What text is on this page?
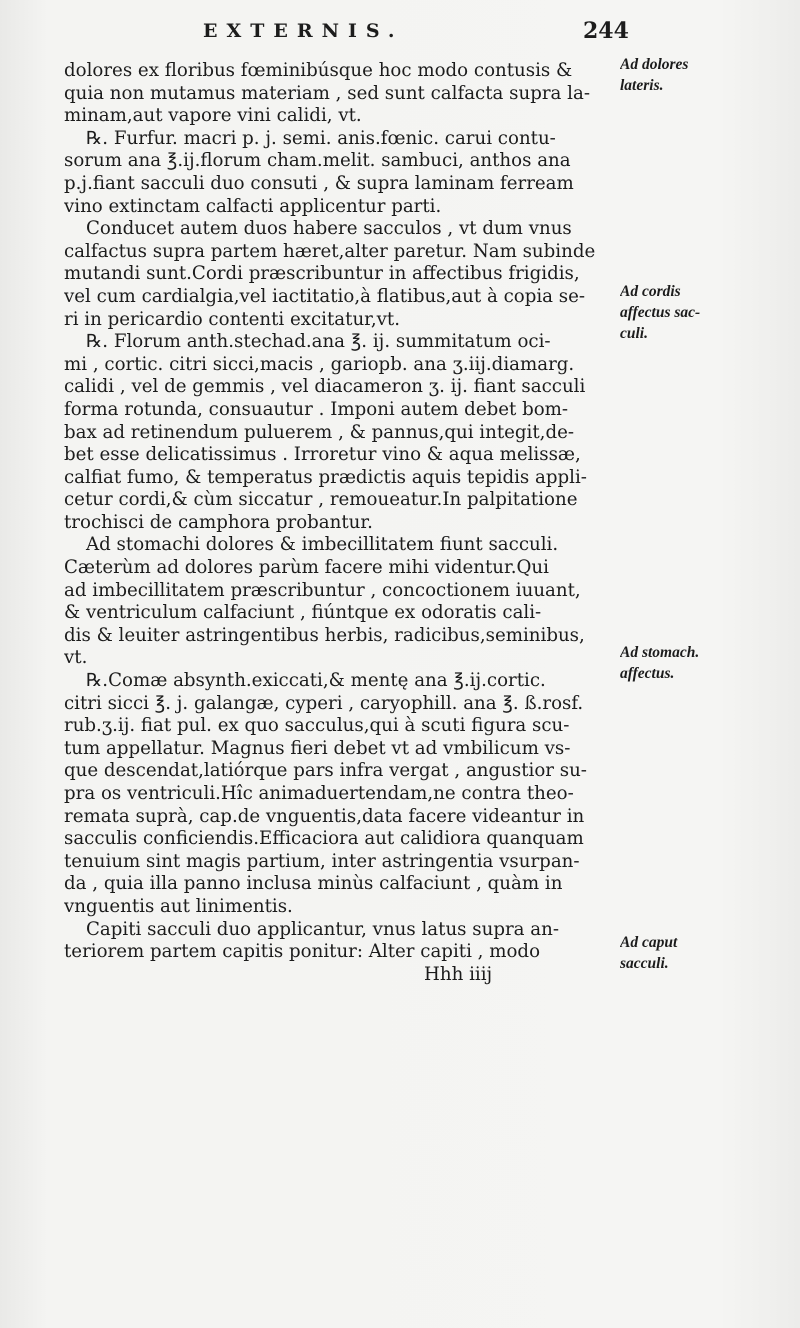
EXTERNIS.	244
dolores ex floribus fœminibúsque hoc modo contusis &
quia non mutamus materiam , sed sunt calfacta supra la-
minam,aut vapore vini calidi, vt.
℞. Furfur. macri p. j. semi. anis.fœnic. carui contu-
sorum ana ℥.ij.florum cham.melit. sambuci, anthos ana
p.j.fiant sacculi duo consuti , & supra laminam ferream
vino extinctam calfacti applicentur parti.
Conducet autem duos habere sacculos , vt dum vnus
calfactus supra partem hæret,alter paretur. Nam subinde
mutandi sunt.Cordi præscribuntur in affectibus frigidis,
vel cum cardialgia,vel iactitatio,à flatibus,aut à copia se-
ri in pericardio contenti excitatur,vt.
℞. Florum anth.stechad.ana ℥. ij. summitatum oci-
mi , cortic. citri sicci,macis , gariopb. ana ʒ.iij.diamarg.
calidi , vel de gemmis , vel diacameron ʒ. ij. fiant sacculi
forma rotunda, consuautur . Imponi autem debet bom-
bax ad retinendum puluerem , & pannus,qui integit,de-
bet esse delicatissimus . Irroretur vino & aqua melissæ,
calfiat fumo, & temperatus prædictis aquis tepidis appli-
cetur cordi,& cùm siccatur , remoueatur.In palpitatione
trochisci de camphora probantur.
Ad stomachi dolores & imbecillitatem fiunt sacculi.
Cæterùm ad dolores parùm facere mihi videntur.Qui
ad imbecillitatem præscribuntur , concoctionem iuuant,
& ventriculum calfaciunt , fiúntque ex odoratis cali-
dis & leuiter astringentibus herbis, radicibus,seminibus,
vt.
℞.Comæ absynth.exiccati,& mentę ana ℥.ij.cortic.
citri sicci ℥. j. galangæ, cyperi , caryophill. ana ℥. ß.rosf.
rub.ʒ.ij. fiat pul. ex quo sacculus,qui à scuti figura scu-
tum appellatur. Magnus fieri debet vt ad vmbilicum vs-
que descendat,latiórque pars infra vergat , angustior su-
pra os ventriculi.Hîc animaduertendam,ne contra theo-
remata suprà, cap.de vnguentis,data facere videantur in
sacculis conficiendis.Efficaciora aut calidiora quanquam
tenuium sint magis partium, inter astringentia vsurpan-
da , quia illa panno inclusa minùs calfaciunt , quàm in
vnguentis aut linimentis.
Capiti sacculi duo applicantur, vnus latus supra an-
teriorem partem capitis ponitur: Alter capiti , modo
Hhh iiij
Ad dolores
lateris.
Ad cordis
affectus sac-
culi.
Ad stomach.
affectus.
Ad caput
sacculi.
